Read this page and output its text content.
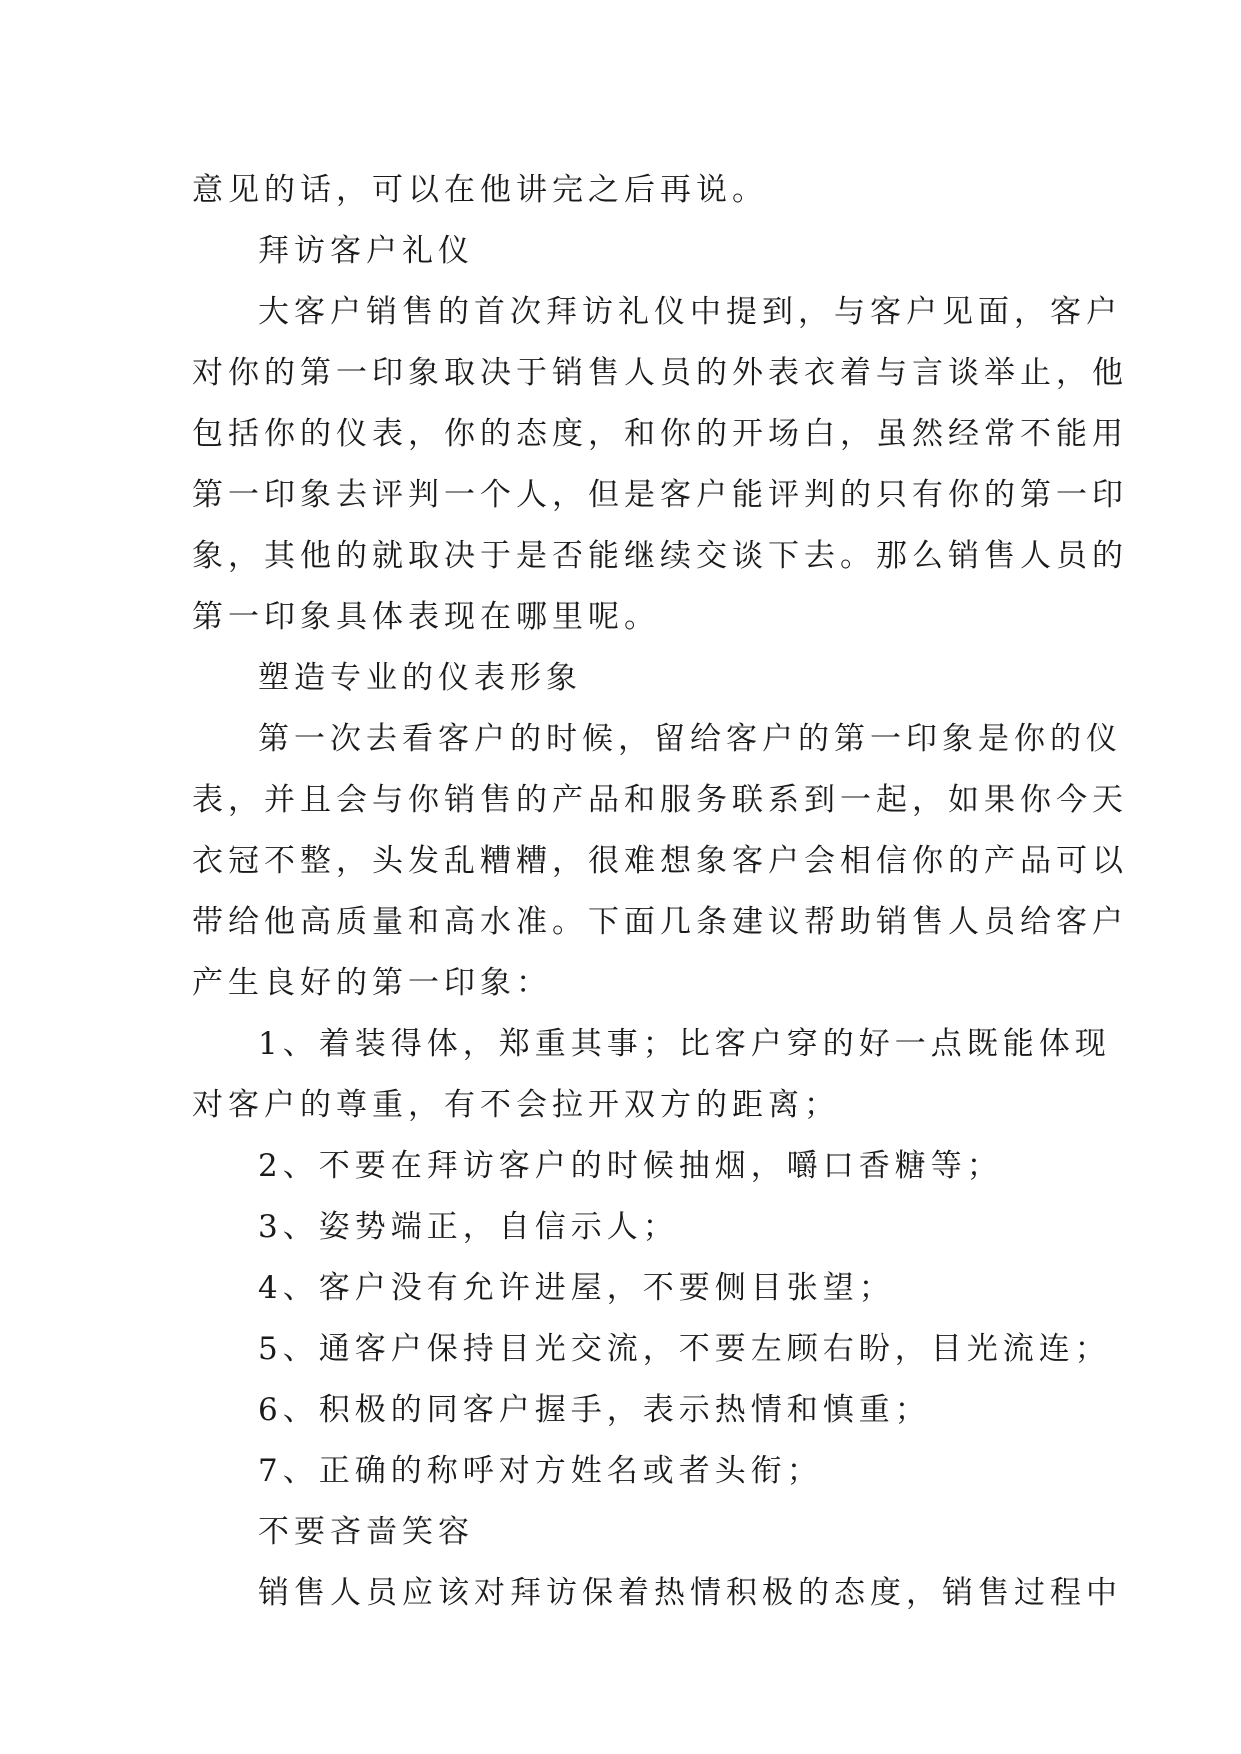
意见的话，可以在他讲完之后再说。
拜访客户礼仪
大客户销售的首次拜访礼仪中提到，与客户见面，客户
对你的第一印象取决于销售人员的外表衣着与言谈举止，他
包括你的仪表，你的态度，和你的开场白，虽然经常不能用
第一印象去评判一个人，但是客户能评判的只有你的第一印
象，其他的就取决于是否能继续交谈下去。那么销售人员的
第一印象具体表现在哪里呢。
塑造专业的仪表形象
第一次去看客户的时候，留给客户的第一印象是你的仪
表，并且会与你销售的产品和服务联系到一起，如果你今天
衣冠不整，头发乱糟糟，很难想象客户会相信你的产品可以
带给他高质量和高水准。下面几条建议帮助销售人员给客户
产生良好的第一印象：
1、着装得体，郑重其事；比客户穿的好一点既能体现
对客户的尊重，有不会拉开双方的距离；
2、不要在拜访客户的时候抽烟，嚼口香糖等；
3、姿势端正，自信示人；
4、客户没有允许进屋，不要侧目张望；
5、通客户保持目光交流，不要左顾右盼，目光流连；
6、积极的同客户握手，表示热情和慎重；
7、正确的称呼对方姓名或者头衔；
不要吝啬笑容
销售人员应该对拜访保着热情积极的态度，销售过程中
